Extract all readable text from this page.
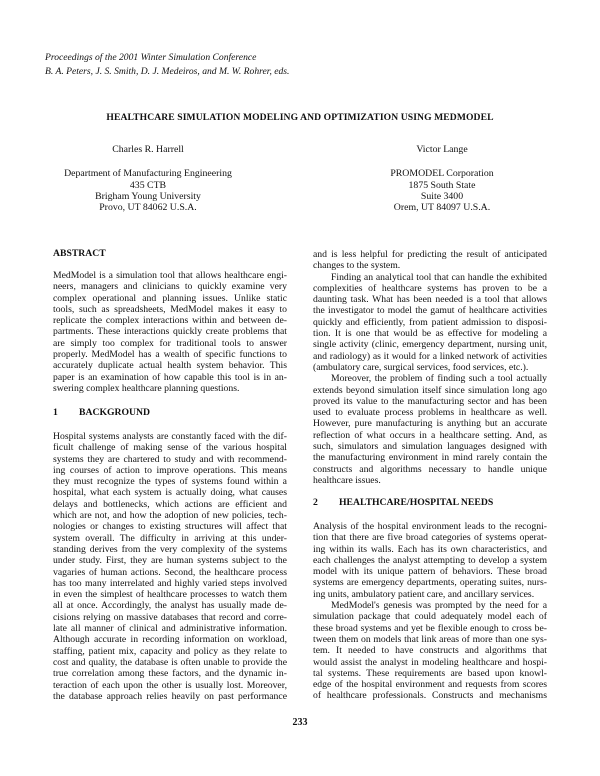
Proceedings of the 2001 Winter Simulation Conference
B. A. Peters, J. S. Smith, D. J. Medeiros, and M. W. Rohrer, eds.
HEALTHCARE SIMULATION MODELING AND OPTIMIZATION USING MEDMODEL
Charles R. Harrell
Department of Manufacturing Engineering
435 CTB
Brigham Young University
Provo, UT 84062 U.S.A.
Victor Lange
PROMODEL Corporation
1875 South State
Suite 3400
Orem, UT 84097 U.S.A.
ABSTRACT
MedModel is a simulation tool that allows healthcare engi-
neers, managers and clinicians to quickly examine very
complex operational and planning issues. Unlike static
tools, such as spreadsheets, MedModel makes it easy to
replicate the complex interactions within and between de-
partments. These interactions quickly create problems that
are simply too complex for traditional tools to answer
properly. MedModel has a wealth of specific functions to
accurately duplicate actual health system behavior. This
paper is an examination of how capable this tool is in an-
swering complex healthcare planning questions.
1 BACKGROUND
Hospital systems analysts are constantly faced with the dif-
ficult challenge of making sense of the various hospital
systems they are chartered to study and with recommend-
ing courses of action to improve operations. This means
they must recognize the types of systems found within a
hospital, what each system is actually doing, what causes
delays and bottlenecks, which actions are efficient and
which are not, and how the adoption of new policies, tech-
nologies or changes to existing structures will affect that
system overall. The difficulty in arriving at this under-
standing derives from the very complexity of the systems
under study. First, they are human systems subject to the
vagaries of human actions. Second, the healthcare process
has too many interrelated and highly varied steps involved
in even the simplest of healthcare processes to watch them
all at once. Accordingly, the analyst has usually made de-
cisions relying on massive databases that record and corre-
late all manner of clinical and administrative information.
Although accurate in recording information on workload,
staffing, patient mix, capacity and policy as they relate to
cost and quality, the database is often unable to provide the
true correlation among these factors, and the dynamic in-
teraction of each upon the other is usually lost. Moreover,
the database approach relies heavily on past performance
and is less helpful for predicting the result of anticipated
changes to the system.
Finding an analytical tool that can handle the exhibited
complexities of healthcare systems has proven to be a
daunting task. What has been needed is a tool that allows
the investigator to model the gamut of healthcare activities
quickly and efficiently, from patient admission to disposi-
tion. It is one that would be as effective for modeling a
single activity (clinic, emergency department, nursing unit,
and radiology) as it would for a linked network of activities
(ambulatory care, surgical services, food services, etc.).
Moreover, the problem of finding such a tool actually
extends beyond simulation itself since simulation long ago
proved its value to the manufacturing sector and has been
used to evaluate process problems in healthcare as well.
However, pure manufacturing is anything but an accurate
reflection of what occurs in a healthcare setting. And, as
such, simulators and simulation languages designed with
the manufacturing environment in mind rarely contain the
constructs and algorithms necessary to handle unique
healthcare issues.
2 HEALTHCARE/HOSPITAL NEEDS
Analysis of the hospital environment leads to the recogni-
tion that there are five broad categories of systems operat-
ing within its walls. Each has its own characteristics, and
each challenges the analyst attempting to develop a system
model with its unique pattern of behaviors. These broad
systems are emergency departments, operating suites, nurs-
ing units, ambulatory patient care, and ancillary services.
MedModel's genesis was prompted by the need for a
simulation package that could adequately model each of
these broad systems and yet be flexible enough to cross be-
tween them on models that link areas of more than one sys-
tem. It needed to have constructs and algorithms that
would assist the analyst in modeling healthcare and hospi-
tal systems. These requirements are based upon knowl-
edge of the hospital environment and requests from scores
of healthcare professionals. Constructs and mechanisms
233
